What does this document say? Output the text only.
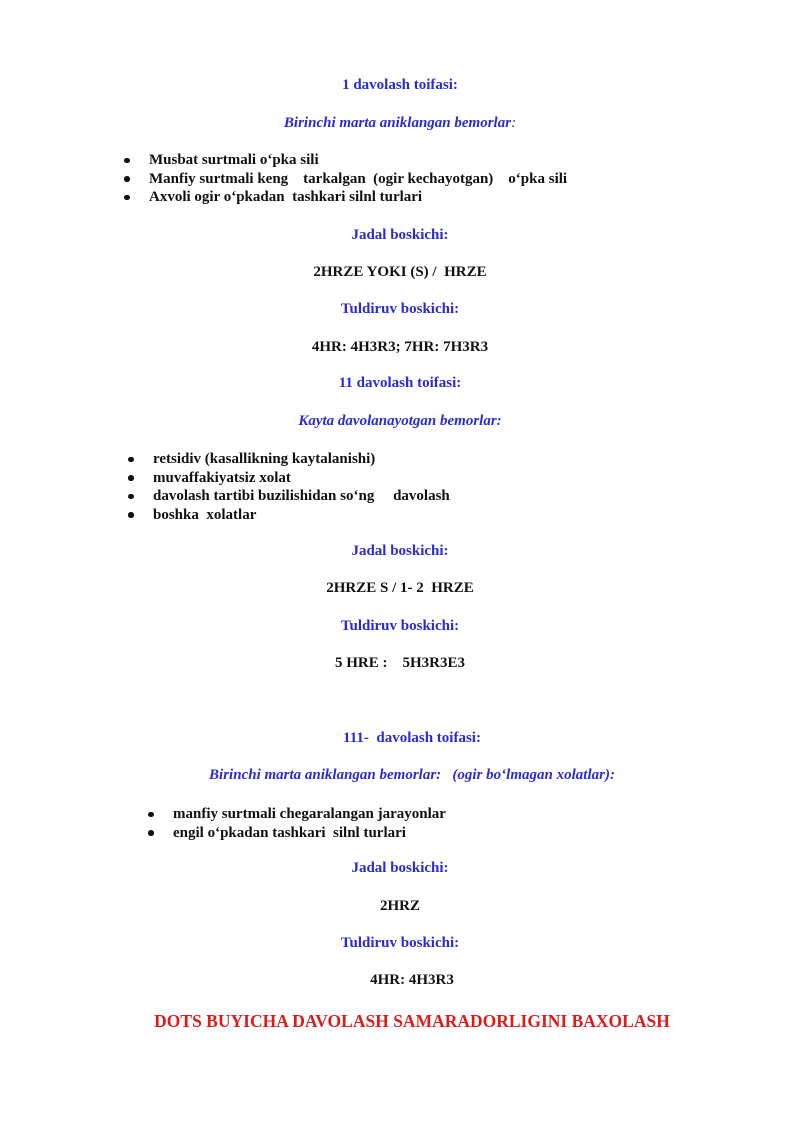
1 davolash toifasi:
Birinchi marta aniklangan bemorlar:
Musbat surtmali o‘pka sili
Manfiy surtmali keng    tarkalgan  (ogir kechayotgan)    o‘pka sili
Axvoli ogir o‘pkadan  tashkari silnl turlari
Jadal boskichi:
2HRZE YOKI (S) /  HRZE
Tuldiruv boskichi:
4HR: 4H3R3; 7HR: 7H3R3
11 davolash toifasi:
Kayta davolanayotgan bemorlar:
retsidiv (kasallikning kaytalanishi)
muvaffakiyatsiz xolat
davolash tartibi buzilishidan so‘ng     davolash
boshka  xolatlar
Jadal boskichi:
2HRZE S / 1- 2  HRZE
Tuldiruv boskichi:
5 HRE :    5H3R3E3
111-  davolash toifasi:
Birinchi marta aniklangan bemorlar:   (ogir bo‘lmagan xolatlar):
manfiy surtmali chegaralangan jarayonlar
engil o‘pkadan tashkari  silnl turlari
Jadal boskichi:
2HRZ
Tuldiruv boskichi:
4HR: 4H3R3
DOTS BUYICHA DAVOLASH SAMARADORLIGINI BAXOLASH
